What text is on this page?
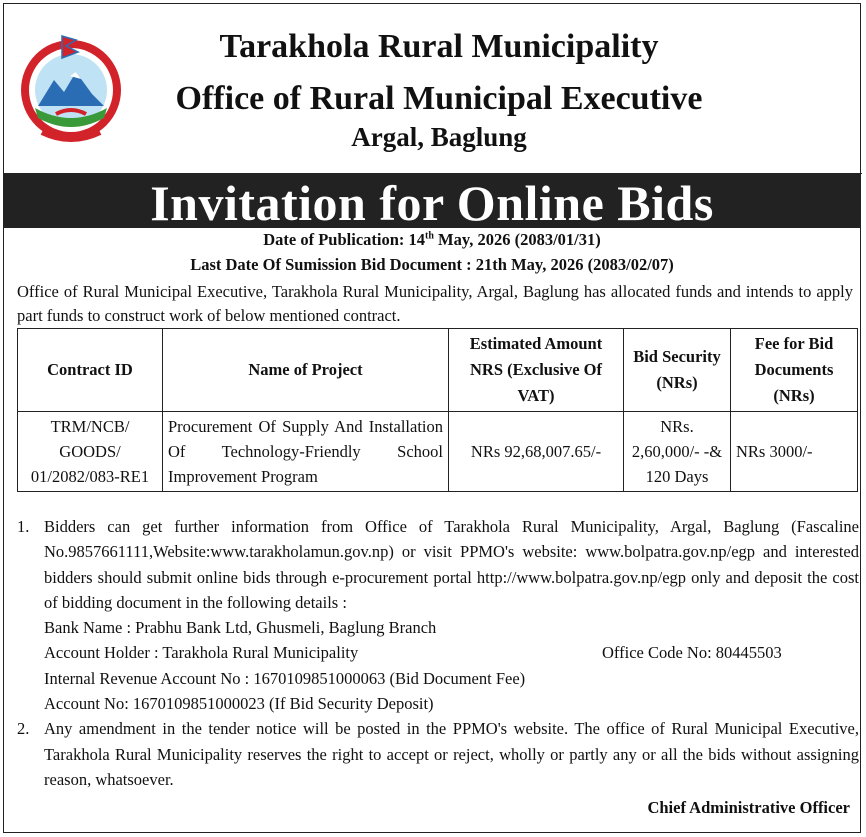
Tarakhola Rural Municipality
Office of Rural Municipal Executive
Argal, Baglung
Invitation for Online Bids
Date of Publication: 14th May, 2026 (2083/01/31)
Last Date Of Sumission Bid Document : 21th May, 2026 (2083/02/07)
Office of Rural Municipal Executive, Tarakhola Rural Municipality, Argal, Baglung has allocated funds and intends to apply part funds to construct work of below mentioned contract.
Contract ID	Name of Project	Estimated Amount NRS (Exclusive Of VAT)	Bid Security (NRs)	Fee for Bid Documents (NRs)
TRM/NCB/ GOODS/ 01/2082/083-RE1	Procurement Of Supply And Installation Of Technology-Friendly School Improvement Program	NRs 92,68,007.65/-	NRs. 2,60,000/- -& 120 Days	NRs 3000/-
1. Bidders can get further information from Office of Tarakhola Rural Municipality, Argal, Baglung (Fascaline No.9857661111,Website:www.tarakholamun.gov.np) or visit PPMO's website: www.bolpatra.gov.np/egp and interested bidders should submit online bids through e-procurement portal http://www.bolpatra.gov.np/egp only and deposit the cost of bidding document in the following details :
Bank Name : Prabhu Bank Ltd, Ghusmeli, Baglung Branch
Account Holder : Tarakhola Rural Municipality	Office Code No: 80445503
Internal Revenue Account No : 1670109851000063 (Bid Document Fee)
Account No: 1670109851000023 (If Bid Security Deposit)
2. Any amendment in the tender notice will be posted in the PPMO's website. The office of Rural Municipal Executive, Tarakhola Rural Municipality reserves the right to accept or reject, wholly or partly any or all the bids without assigning reason, whatsoever.
Chief Administrative Officer
